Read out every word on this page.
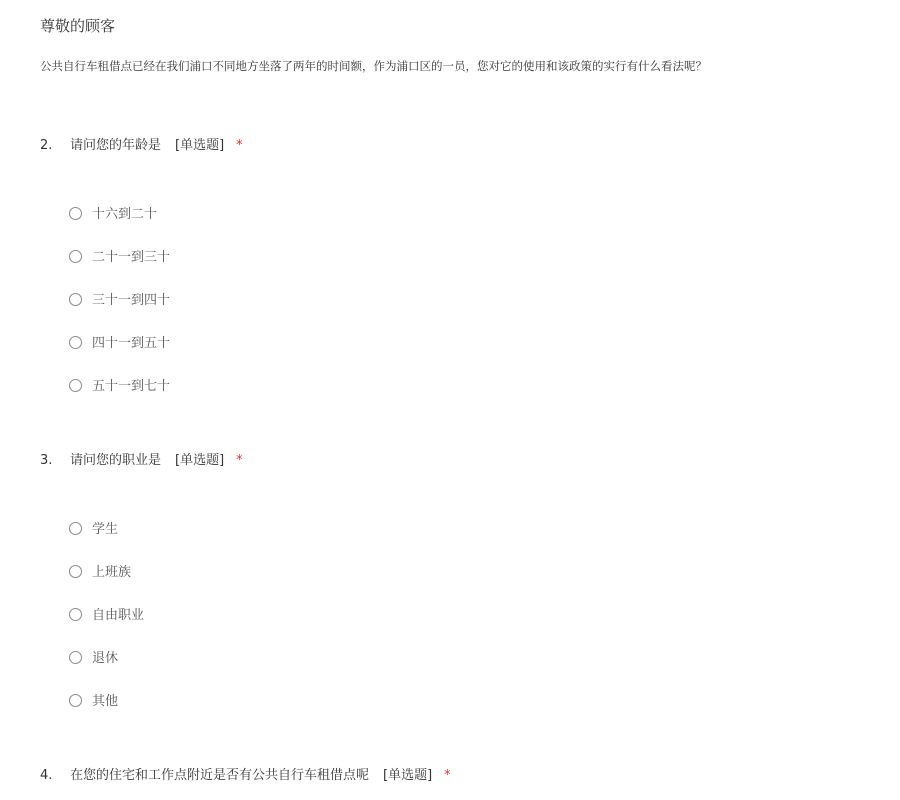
尊敬的顾客
公共自行车租借点已经在我们浦口不同地方坐落了两年的时间额，作为浦口区的一员，您对它的使用和该政策的实行有什么看法呢？
2. 请问您的年龄是 [单选题] *
十六到二十
二十一到三十
三十一到四十
四十一到五十
五十一到七十
3. 请问您的职业是 [单选题] *
学生
上班族
自由职业
退休
其他
4. 在您的住宅和工作点附近是否有公共自行车租借点呢 [单选题] *
